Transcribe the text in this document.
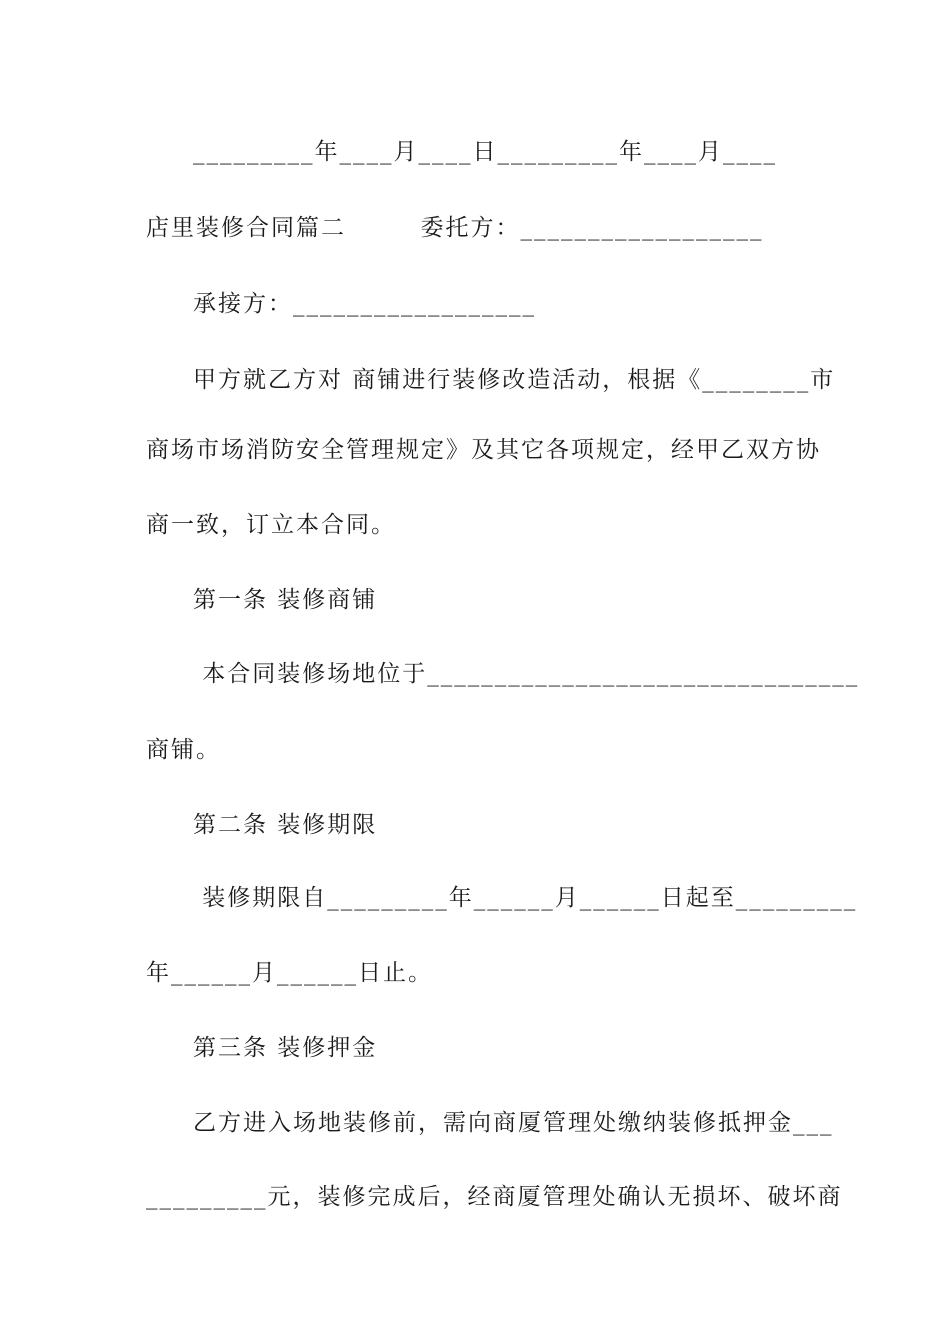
_________年____月____日_________年____月____
店里装修合同篇二        委托方：__________________
承接方：__________________
甲方就乙方对 商铺进行装修改造活动，根据《________市
商场市场消防安全管理规定》及其它各项规定，经甲乙双方协
商一致，订立本合同。
第一条 装修商铺
本合同装修场地位于________________________________
商铺。
第二条 装修期限
装修期限自_________年______月______日起至_________
年______月______日止。
第三条 装修押金
乙方进入场地装修前，需向商厦管理处缴纳装修抵押金___
_________元，装修完成后，经商厦管理处确认无损坏、破坏商
